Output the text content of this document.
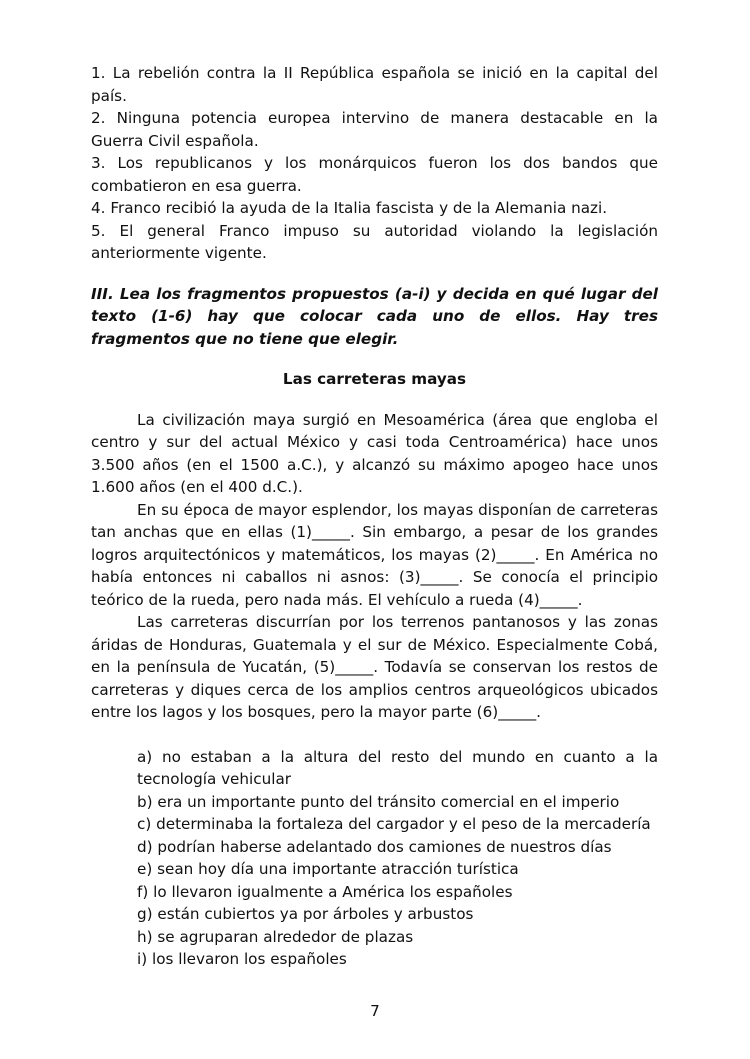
1. La rebelión contra la II República española se inició en la capital del país.

2. Ninguna potencia europea intervino de manera destacable en la Guerra Civil española.

3. Los republicanos y los monárquicos fueron los dos bandos que combatieron en esa guerra.

4. Franco recibió la ayuda de la Italia fascista y de la Alemania nazi.

5. El general Franco impuso su autoridad violando la legislación anteriormente vigente.

III. Lea los fragmentos propuestos (a-i) y decida en qué lugar del texto (1-6) hay que colocar cada uno de ellos. Hay tres fragmentos que no tiene que elegir.

Las carreteras mayas

La civilización maya surgió en Mesoamérica (área que engloba el centro y sur del actual México y casi toda Centroamérica) hace unos 3.500 años (en el 1500 a.C.), y alcanzó su máximo apogeo hace unos 1.600 años (en el 400 d.C.).

En su época de mayor esplendor, los mayas disponían de carreteras tan anchas que en ellas (1)_____. Sin embargo, a pesar de los grandes logros arquitectónicos y matemáticos, los mayas (2)_____. En América no había entonces ni caballos ni asnos: (3)_____. Se conocía el principio teórico de la rueda, pero nada más. El vehículo a rueda (4)_____.

Las carreteras discurrían por los terrenos pantanosos y las zonas áridas de Honduras, Guatemala y el sur de México. Especialmente Cobá, en la península de Yucatán, (5)_____. Todavía se conservan los restos de carreteras y diques cerca de los amplios centros arqueológicos ubicados entre los lagos y los bosques, pero la mayor parte (6)_____.

a) no estaban a la altura del resto del mundo en cuanto a la tecnología vehicular

b) era un importante punto del tránsito comercial en el imperio

c) determinaba la fortaleza del cargador y el peso de la mercadería

d) podrían haberse adelantado dos camiones de nuestros días

e) sean hoy día una importante atracción turística

f) lo llevaron igualmente a América los españoles

g) están cubiertos ya por árboles y arbustos

h) se agruparan alrededor de plazas

i) los llevaron los españoles

7
